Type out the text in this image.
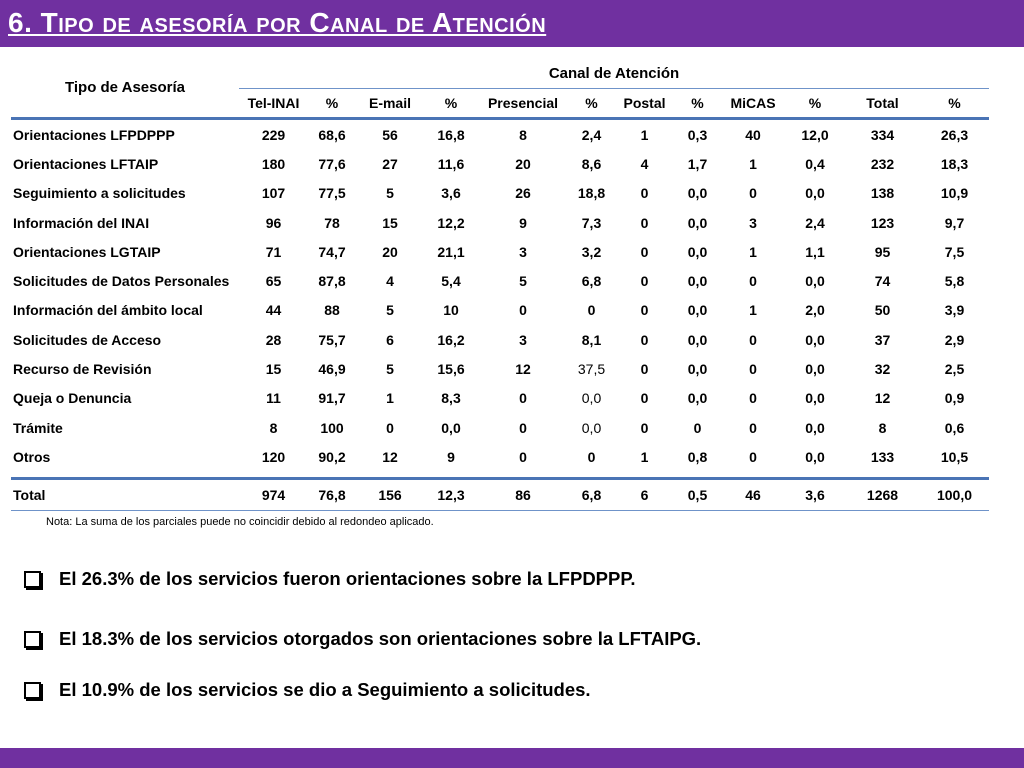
6. Tipo de asesoría por Canal de Atención
Tipo de Asesoría	Canal de Atención											
	Tel-INAI	%	E-mail	%	Presencial	%	Postal	%	MiCAS	%	Total	%
Orientaciones LFPDPPP	229	68,6	56	16,8	8	2,4	1	0,3	40	12,0	334	26,3
Orientaciones LFTAIP	180	77,6	27	11,6	20	8,6	4	1,7	1	0,4	232	18,3
Seguimiento a solicitudes	107	77,5	5	3,6	26	18,8	0	0,0	0	0,0	138	10,9
Información del INAI	96	78	15	12,2	9	7,3	0	0,0	3	2,4	123	9,7
Orientaciones LGTAIP	71	74,7	20	21,1	3	3,2	0	0,0	1	1,1	95	7,5
Solicitudes de Datos Personales	65	87,8	4	5,4	5	6,8	0	0,0	0	0,0	74	5,8
Información del ámbito local	44	88	5	10	0	0	0	0,0	1	2,0	50	3,9
Solicitudes de Acceso	28	75,7	6	16,2	3	8,1	0	0,0	0	0,0	37	2,9
Recurso de Revisión	15	46,9	5	15,6	12	37,5	0	0,0	0	0,0	32	2,5
Queja o Denuncia	11	91,7	1	8,3	0	0,0	0	0,0	0	0,0	12	0,9
Trámite	8	100	0	0,0	0	0,0	0	0	0	0,0	8	0,6
Otros	120	90,2	12	9	0	0	1	0,8	0	0,0	133	10,5

Total	974	76,8	156	12,3	86	6,8	6	0,5	46	3,6	1268	100,0
Nota: La suma de los parciales puede no coincidir debido al redondeo aplicado.
El 26.3% de los servicios fueron orientaciones sobre la LFPDPPP.
El 18.3% de los servicios otorgados son orientaciones sobre la LFTAIPG.
El 10.9% de los servicios se dio a Seguimiento a solicitudes.
